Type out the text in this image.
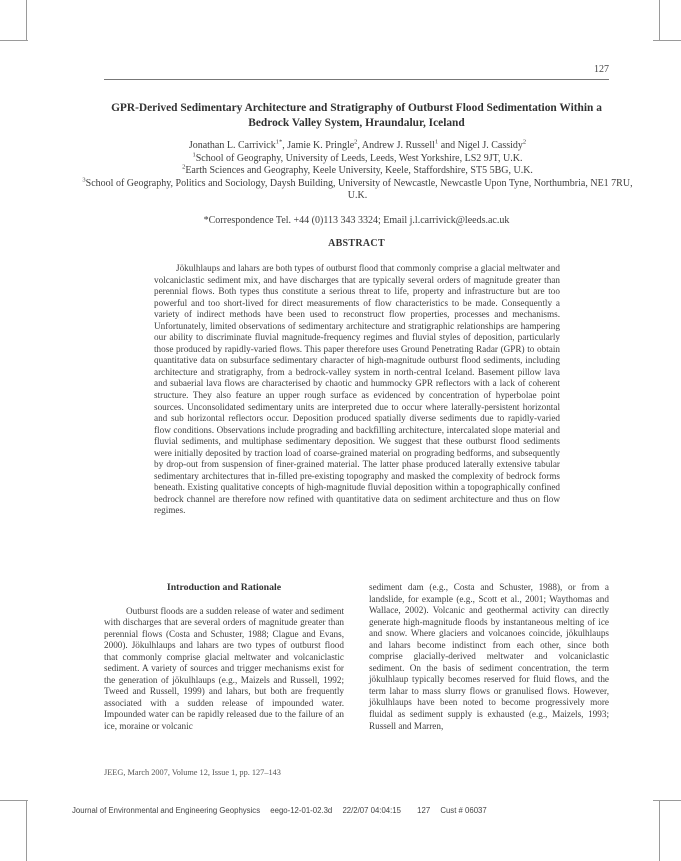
127
GPR-Derived Sedimentary Architecture and Stratigraphy of Outburst Flood Sedimentation Within a Bedrock Valley System, Hraundalur, Iceland
Jonathan L. Carrivick$^{1*}$, Jamie K. Pringle$^2$, Andrew J. Russell$^1$ and Nigel J. Cassidy$^2$
$^1$School of Geography, University of Leeds, Leeds, West Yorkshire, LS2 9JT, U.K.
$^2$Earth Sciences and Geography, Keele University, Keele, Staffordshire, ST5 5BG, U.K.
$^3$School of Geography, Politics and Sociology, Daysh Building, University of Newcastle, Newcastle Upon Tyne, Northumbria, NE1 7RU, U.K.
*Correspondence Tel. +44 (0)113 343 3324; Email j.l.carrivick@leeds.ac.uk
ABSTRACT
Jökulhlaups and lahars are both types of outburst flood that commonly comprise a glacial meltwater and volcaniclastic sediment mix, and have discharges that are typically several orders of magnitude greater than perennial flows. Both types thus constitute a serious threat to life, property and infrastructure but are too powerful and too short-lived for direct measurements of flow characteristics to be made. Consequently a variety of indirect methods have been used to reconstruct flow properties, processes and mechanisms. Unfortunately, limited observations of sedimentary architecture and stratigraphic relationships are hampering our ability to discriminate fluvial magnitude-frequency regimes and fluvial styles of deposition, particularly those produced by rapidly-varied flows. This paper therefore uses Ground Penetrating Radar (GPR) to obtain quantitative data on subsurface sedimentary character of high-magnitude outburst flood sediments, including architecture and stratigraphy, from a bedrock-valley system in north-central Iceland. Basement pillow lava and subaerial lava flows are characterised by chaotic and hummocky GPR reflectors with a lack of coherent structure. They also feature an upper rough surface as evidenced by concentration of hyperbolae point sources. Unconsolidated sedimentary units are interpreted due to occur where laterally-persistent horizontal and sub horizontal reflectors occur. Deposition produced spatially diverse sediments due to rapidly-varied flow conditions. Observations include prograding and backfilling architecture, intercalated slope material and fluvial sediments, and multiphase sedimentary deposition. We suggest that these outburst flood sediments were initially deposited by traction load of coarse-grained material on prograding bedforms, and subsequently by drop-out from suspension of finer-grained material. The latter phase produced laterally extensive tabular sedimentary architectures that in-filled pre-existing topography and masked the complexity of bedrock forms beneath. Existing qualitative concepts of high-magnitude fluvial deposition within a topographically confined bedrock channel are therefore now refined with quantitative data on sediment architecture and thus on flow regimes.
Introduction and Rationale

Outburst floods are a sudden release of water and sediment with discharges that are several orders of magnitude greater than perennial flows (Costa and Schuster, 1988; Clague and Evans, 2000). Jökulhlaups and lahars are two types of outburst flood that commonly comprise glacial meltwater and volcaniclastic sediment. A variety of sources and trigger mechanisms exist for the generation of jökulhlaups (e.g., Maizels and Russell, 1992; Tweed and Russell, 1999) and lahars, but both are frequently associated with a sudden release of impounded water. Impounded water can be rapidly released due to the failure of an ice, moraine or volcanic

sediment dam (e.g., Costa and Schuster, 1988), or from a landslide, for example (e.g., Scott et al., 2001; Waythomas and Wallace, 2002). Volcanic and geothermal activity can directly generate high-magnitude floods by instantaneous melting of ice and snow. Where glaciers and volcanoes coincide, jökulhlaups and lahars become indistinct from each other, since both comprise glacially-derived meltwater and volcaniclastic sediment. On the basis of sediment concentration, the term jökulhlaup typically becomes reserved for fluid flows, and the term lahar to mass slurry flows or granulised flows. However, jökulhlaups have been noted to become progressively more fluidal as sediment supply is exhausted (e.g., Maizels, 1993; Russell and Marren,

JEEG, March 2007, Volume 12, Issue 1, pp. 127–143
Journal of Environmental and Engineering Geophysics eego-12-01-02.3d 22/2/07 04:04:15 127 Cust # 06037
